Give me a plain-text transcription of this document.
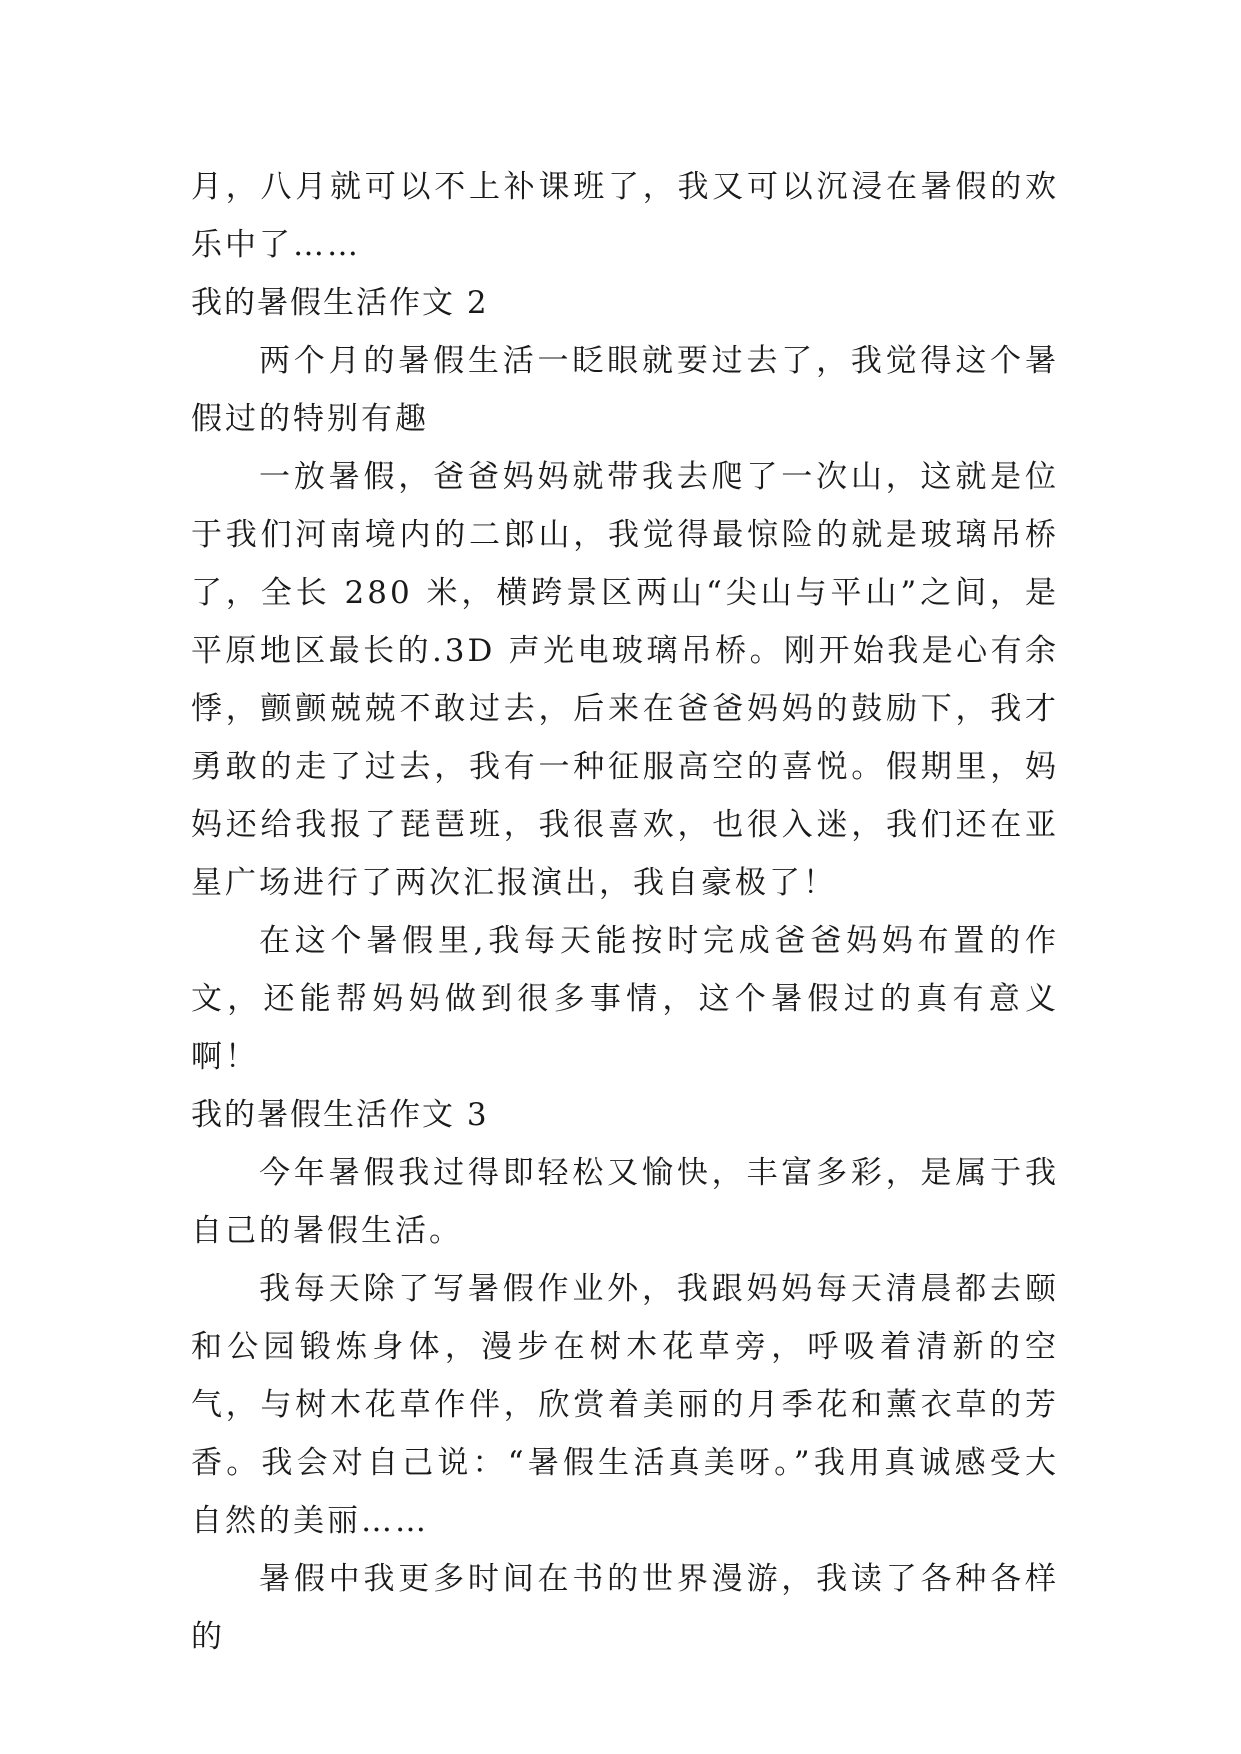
月，八月就可以不上补课班了，我又可以沉浸在暑假的欢乐中了……

我的暑假生活作文 2

两个月的暑假生活一眨眼就要过去了，我觉得这个暑假过的特别有趣

一放暑假，爸爸妈妈就带我去爬了一次山，这就是位于我们河南境内的二郎山，我觉得最惊险的就是玻璃吊桥了，全长 280 米，横跨景区两山“尖山与平山”之间，是平原地区最长的.3D 声光电玻璃吊桥。刚开始我是心有余悸，颤颤兢兢不敢过去，后来在爸爸妈妈的鼓励下，我才勇敢的走了过去，我有一种征服高空的喜悦。假期里，妈妈还给我报了琵琶班，我很喜欢，也很入迷，我们还在亚星广场进行了两次汇报演出，我自豪极了！

在这个暑假里,我每天能按时完成爸爸妈妈布置的作文，还能帮妈妈做到很多事情，这个暑假过的真有意义啊！

我的暑假生活作文 3

今年暑假我过得即轻松又愉快，丰富多彩，是属于我自己的暑假生活。

我每天除了写暑假作业外，我跟妈妈每天清晨都去颐和公园锻炼身体，漫步在树木花草旁，呼吸着清新的空气，与树木花草作伴，欣赏着美丽的月季花和薰衣草的芳香。我会对自己说：“暑假生活真美呀。”我用真诚感受大自然的美丽……

暑假中我更多时间在书的世界漫游，我读了各种各样的
